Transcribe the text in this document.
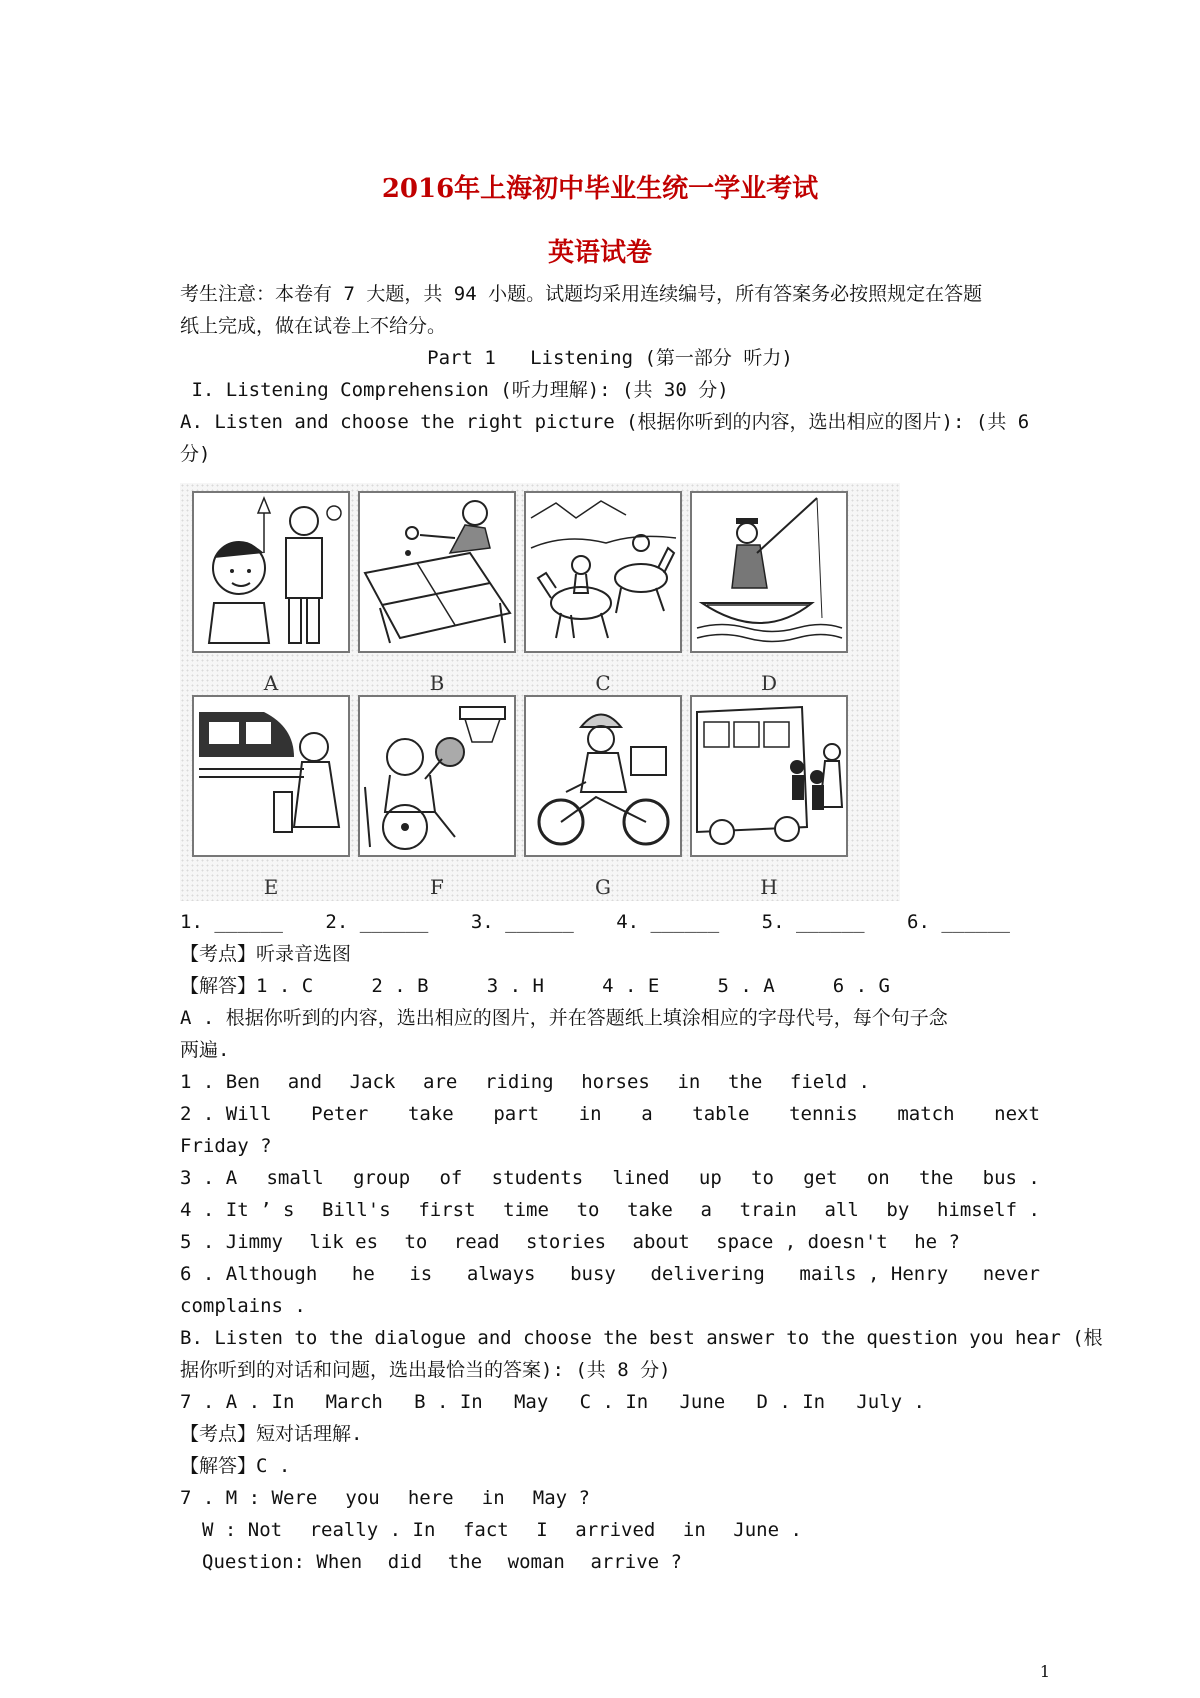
2016年上海初中毕业生统一学业考试
英语试卷
考生注意：本卷有 7 大题，共 94 小题。试题均采用连续编号，所有答案务必按照规定在答题
纸上完成，做在试卷上不给分。
Part 1   Listening (第一部分 听力)
I. Listening Comprehension (听力理解): (共 30 分)
A. Listen and choose the right picture (根据你听到的内容，选出相应的图片): (共 6
分)
A	B	C	D
E	F	G	H
1. ______ 2. ______ 3. ______ 4. ______ 5. ______ 6. ______
【考点】听录音选图
【解答】1 . C	2 . B	3 . H	4 . E	5 . A	6 . G
A . 根据你听到的内容，选出相应的图片，并在答题纸上填涂相应的字母代号，每个句子念
两遍.
1 . Ben and Jack are riding horses in the field .
2 . Will Peter take part in a table tennis match next
Friday ?
3 . A small group of students lined up to get on the bus .
4 . It ’ s Bill's first time to take a train all by himself .
5 . Jimmy lik es to read stories about space , doesn't he ?
6 . Although he is always busy delivering mails , Henry never
complains .
B. Listen to the dialogue and choose the best answer to the question you hear (根
据你听到的对话和问题，选出最恰当的答案): (共 8 分)
7 . A . In March B . In May C . In June D . In July .
【考点】短对话理解.
【解答】C .
7 . M : Were you here in May ?
W : Not really . In fact I arrived in June .
Question: When did the woman arrive ?
1
